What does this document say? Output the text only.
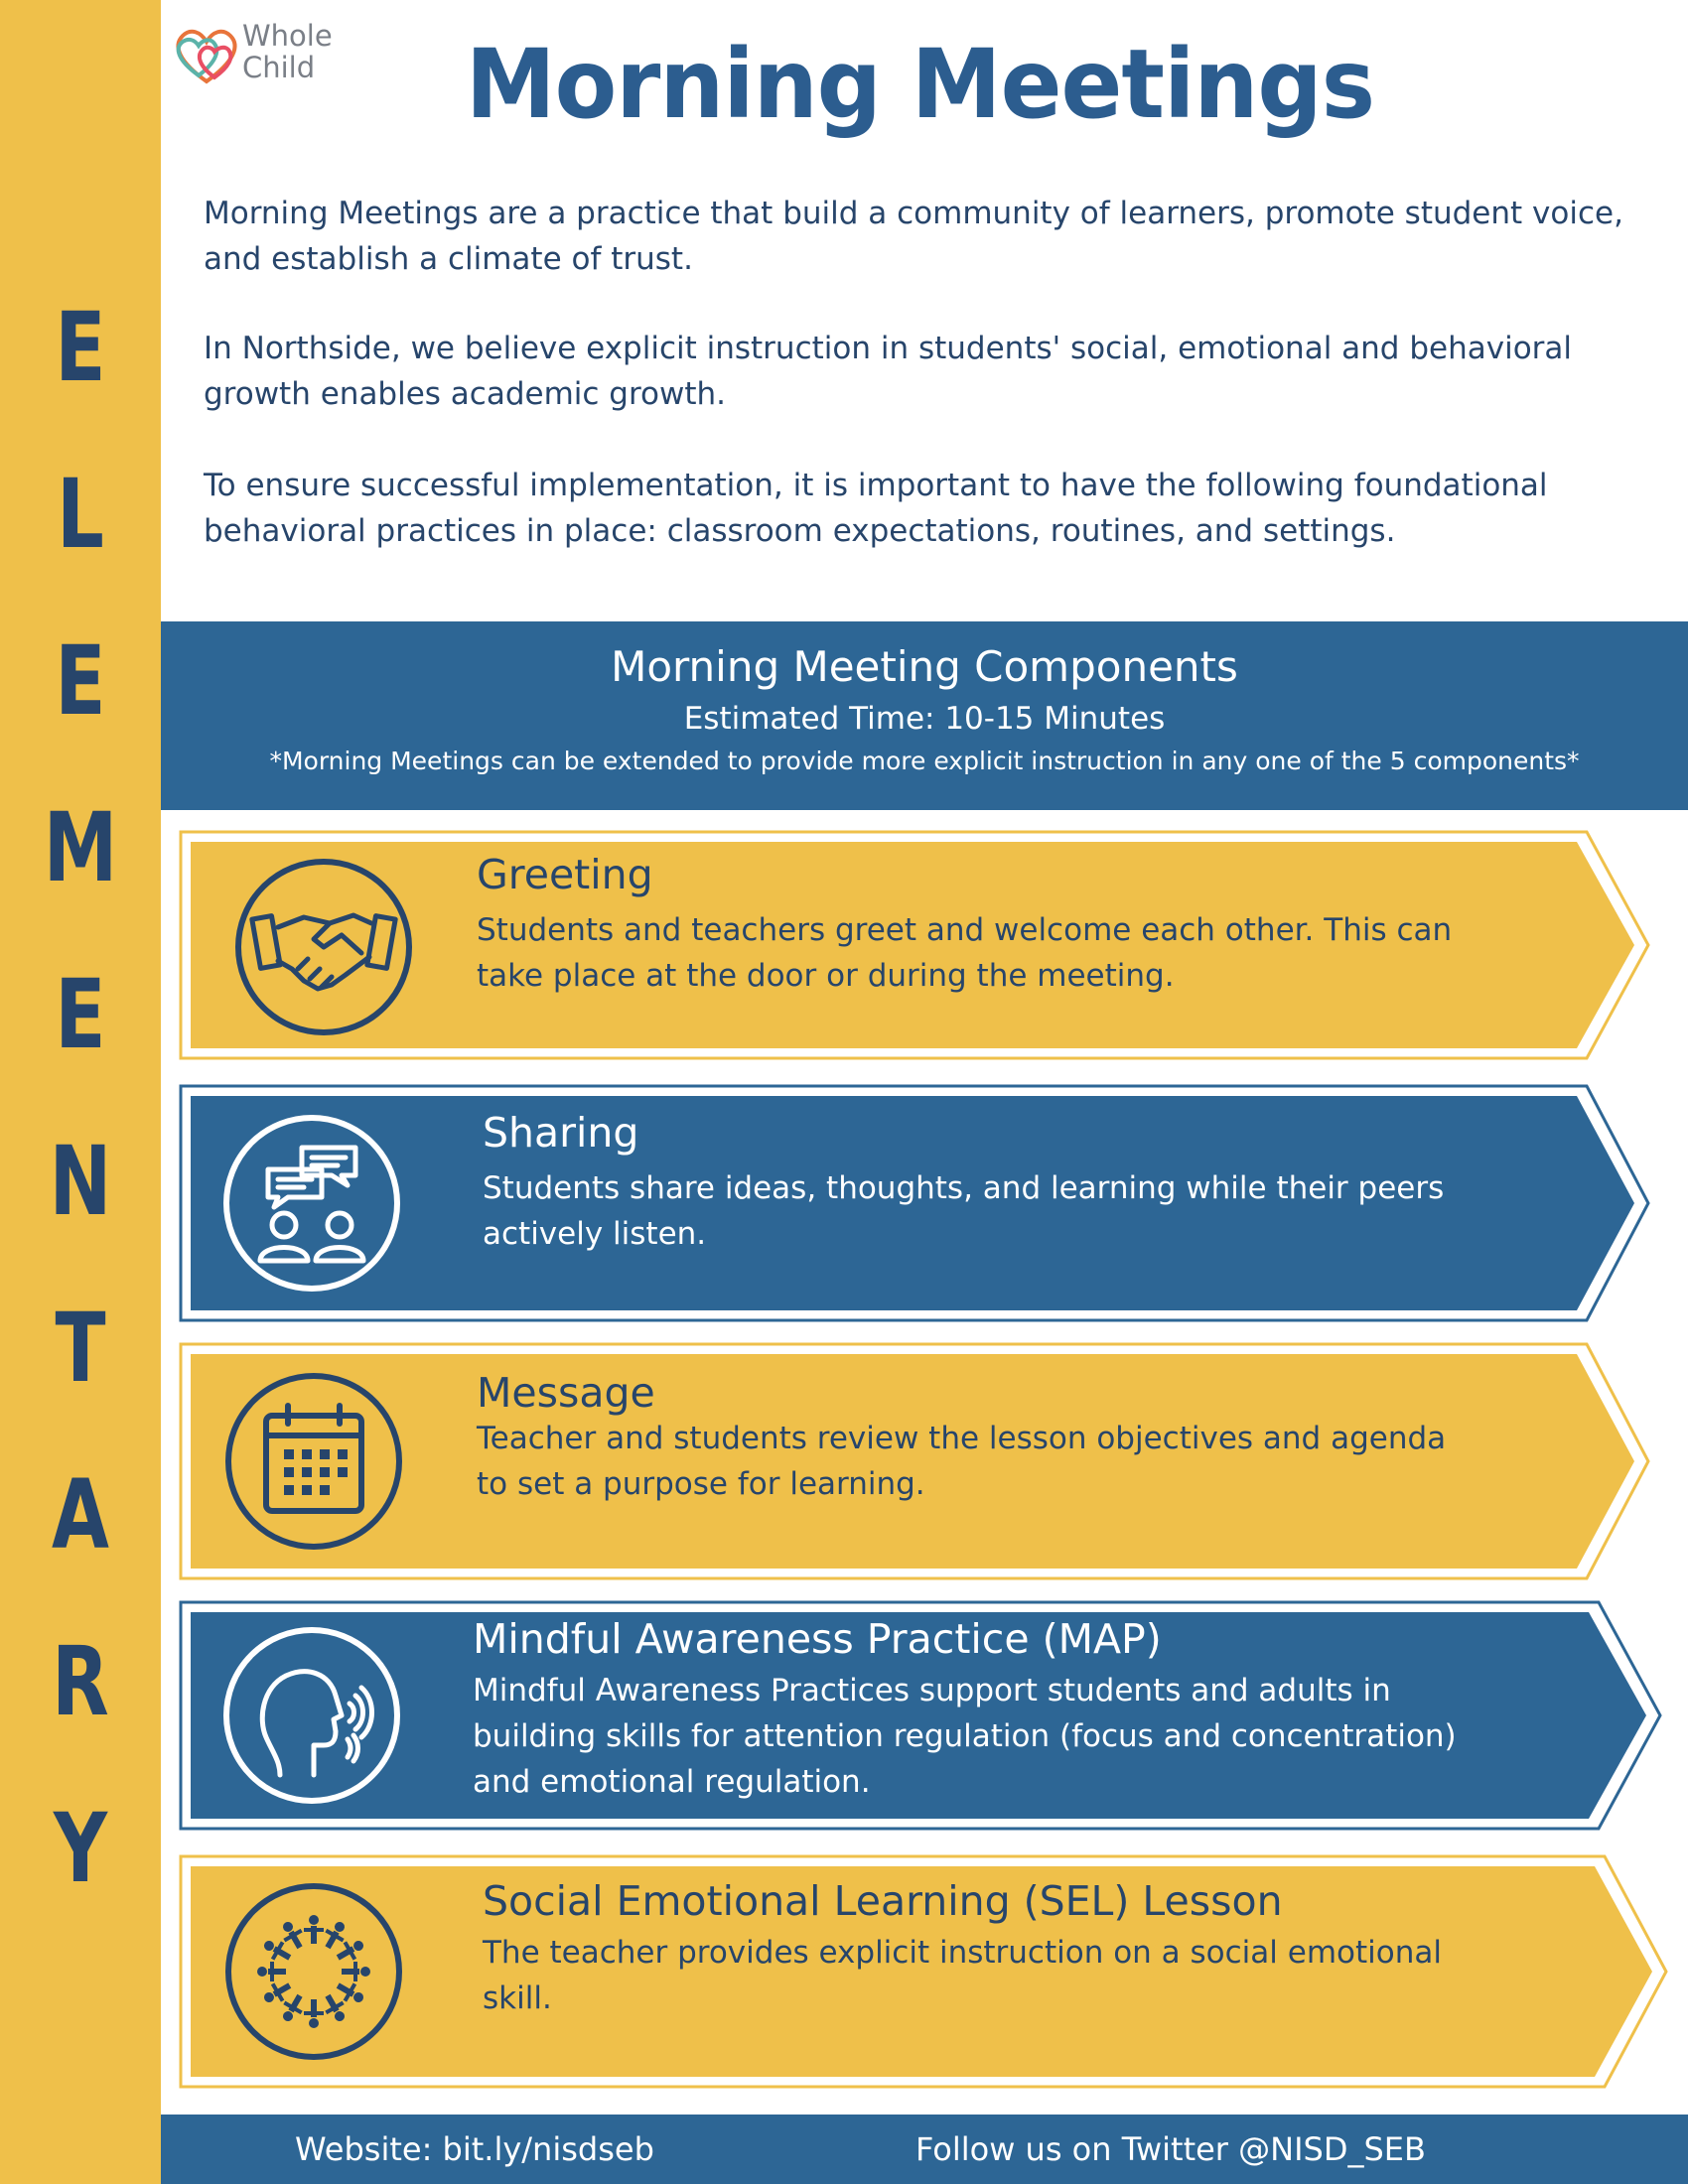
E
L
E
M
E
N
T
A
R
Y
Whole
Child	Morning Meetings
Morning Meetings are a practice that build a community of learners, promote student voice, and establish a climate of trust.
In Northside, we believe explicit instruction in students' social, emotional and behavioral growth enables academic growth.
To ensure successful implementation, it is important to have the following foundational behavioral practices in place: classroom expectations, routines, and settings.
Morning Meeting Components
Estimated Time: 10-15 Minutes
*Morning Meetings can be extended to provide more explicit instruction in any one of the 5 components*
Greeting
Students and teachers greet and welcome each other. This can
take place at the door or during the meeting.
Sharing
Students share ideas, thoughts, and learning while their peers
actively listen.
Message
Teacher and students review the lesson objectives and agenda
to set a purpose for learning.
Mindful Awareness Practice (MAP)
Mindful Awareness Practices support students and adults in
building skills for attention regulation (focus and concentration)
and emotional regulation.
Social Emotional Learning (SEL) Lesson
The teacher provides explicit instruction on a social emotional
skill.
Website: bit.ly/nisdseb	Follow us on Twitter @NISD_SEB
